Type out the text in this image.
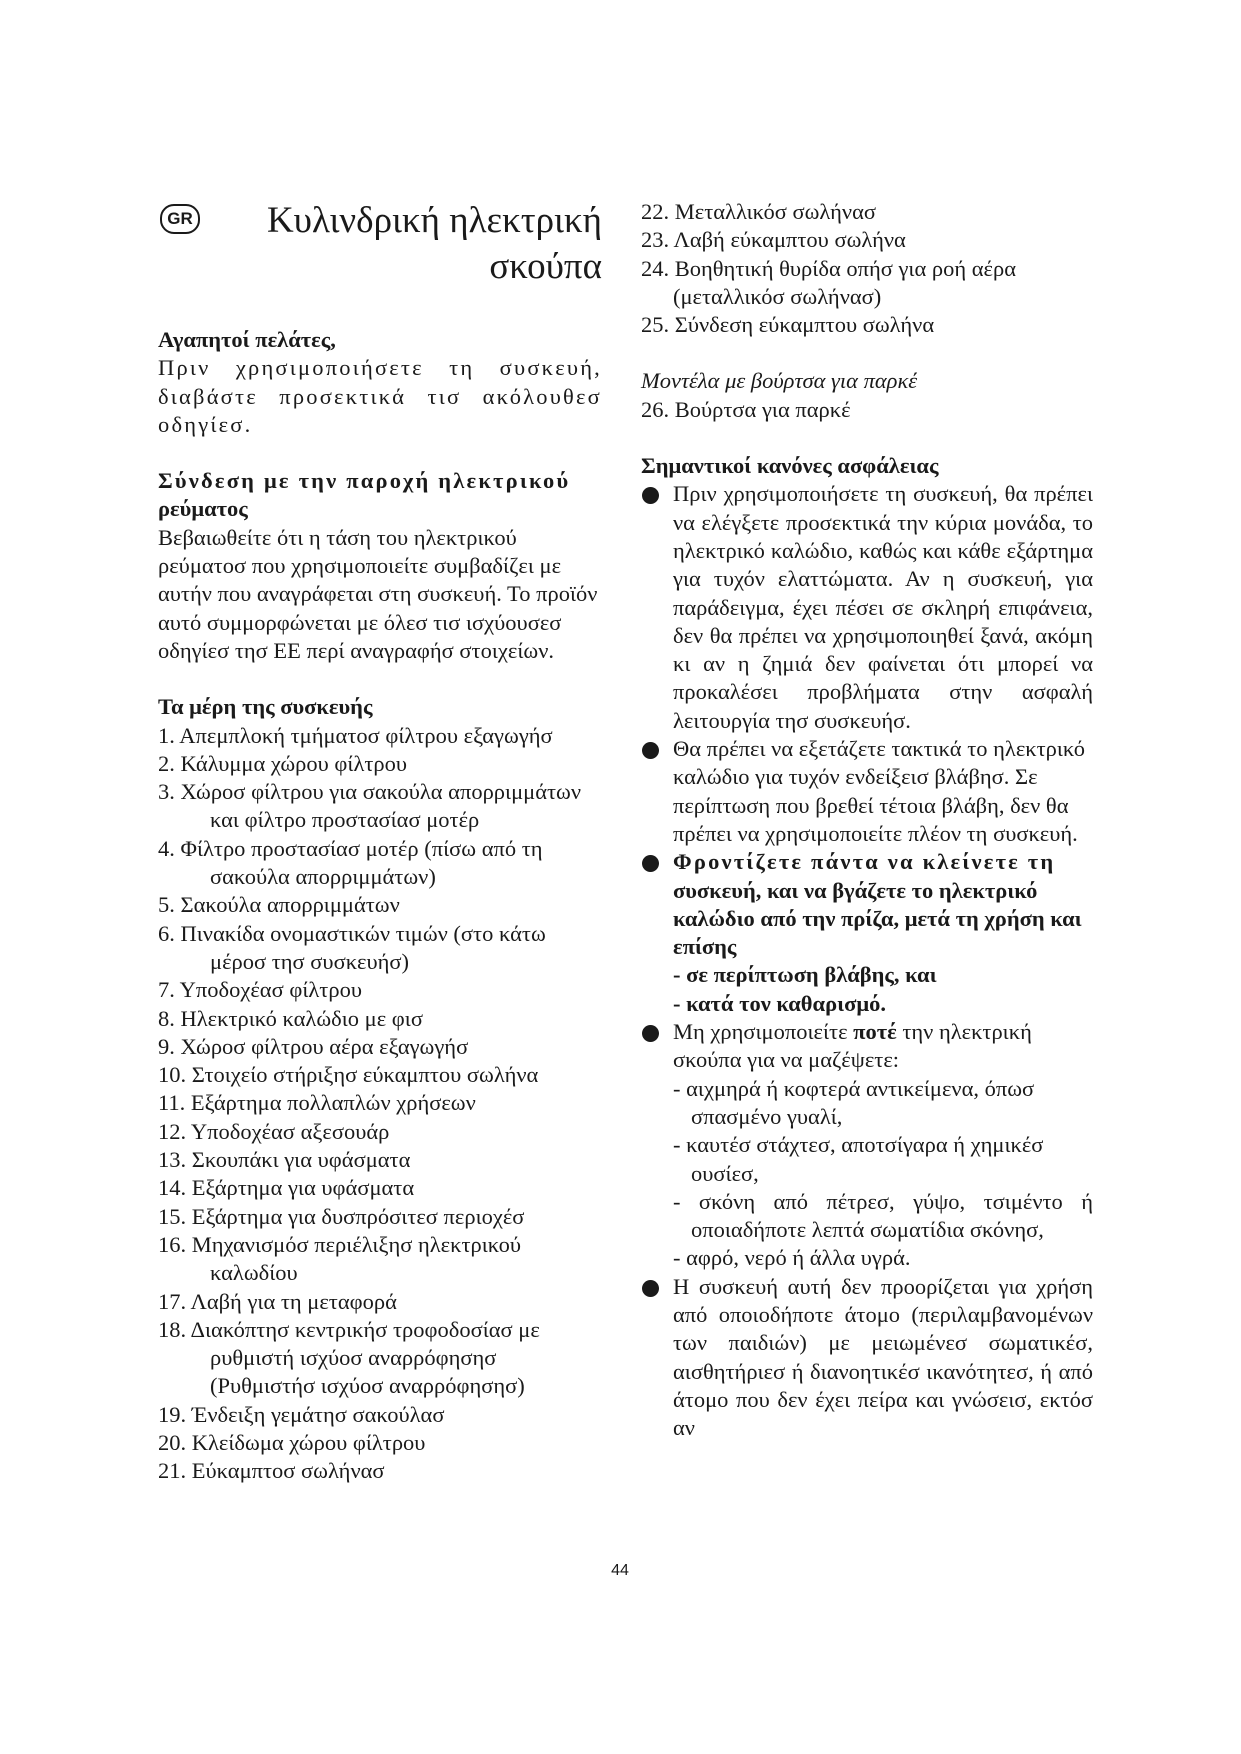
GR	Κυλινδρική ηλεκτρική
σκούπα

Αγαπητοί πελάτες,

Πριν χρησιμοποιήσετε τη συσκευή, διαβάστε προσεκτικά τισ ακόλουθεσ οδηγίεσ.

Σύνδεση με την παροχή ηλεκτρικού

ρεύματος

Βεβαιωθείτε ότι η τάση του ηλεκτρικού ρεύματοσ που χρησιμοποιείτε συμβαδίζει με αυτήν που αναγράφεται στη συσκευή. Το προϊόν αυτό συμμορφώνεται με όλεσ τισ ισχύουσεσ οδηγίεσ τησ ΕΕ περί αναγραφήσ στοιχείων.

Τα μέρη της συσκευής

1. Απεμπλοκή τμήματοσ φίλτρου εξαγωγήσ
2. Κάλυμμα χώρου φίλτρου
3. Χώροσ φίλτρου για σακούλα απορριμμάτων και φίλτρο προστασίασ μοτέρ
4. Φίλτρο προστασίασ μοτέρ (πίσω από τη σακούλα απορριμμάτων)
5. Σακούλα απορριμμάτων
6. Πινακίδα ονομαστικών τιμών (στο κάτω μέροσ τησ συσκευήσ)
7. Υποδοχέασ φίλτρου
8. Ηλεκτρικό καλώδιο με φισ
9. Χώροσ φίλτρου αέρα εξαγωγήσ
10. Στοιχείο στήριξησ εύκαμπτου σωλήνα
11. Εξάρτημα πολλαπλών χρήσεων
12. Υποδοχέασ αξεσουάρ
13. Σκουπάκι για υφάσματα
14. Εξάρτημα για υφάσματα
15. Εξάρτημα για δυσπρόσιτεσ περιοχέσ
16. Μηχανισμόσ περιέλιξησ ηλεκτρικού καλωδίου
17. Λαβή για τη μεταφορά
18. Διακόπτησ κεντρικήσ τροφοδοσίασ με ρυθμιστή ισχύοσ αναρρόφησησ (Ρυθμιστήσ ισχύοσ αναρρόφησησ)
19. Ένδειξη γεμάτησ σακούλασ
20. Κλείδωμα χώρου φίλτρου
21. Εύκαμπτοσ σωλήνασ
22. Μεταλλικόσ σωλήνασ
23. Λαβή εύκαμπτου σωλήνα
24. Βοηθητική θυρίδα οπήσ για ροή αέρα (μεταλλικόσ σωλήνασ)
25. Σύνδεση εύκαμπτου σωλήνα

Μοντέλα με βούρτσα για παρκέ

26. Βούρτσα για παρκέ

Σημαντικοί κανόνες ασφάλειας

Πριν χρησιμοποιήσετε τη συσκευή, θα πρέπει να ελέγξετε προσεκτικά την κύρια μονάδα, το ηλεκτρικό καλώδιο, καθώς και κάθε εξάρτημα για τυχόν ελαττώματα. Αν η συσκευή, για παράδειγμα, έχει πέσει σε σκληρή επιφάνεια, δεν θα πρέπει να χρησιμοποιηθεί ξανά, ακόμη κι αν η ζημιά δεν φαίνεται ότι μπορεί να προκαλέσει προβλήματα στην ασφαλή λειτουργία τησ συσκευήσ.
Θα πρέπει να εξετάζετε τακτικά το ηλεκτρικό καλώδιο για τυχόν ενδείξεισ βλάβησ. Σε περίπτωση που βρεθεί τέτοια βλάβη, δεν θα πρέπει να χρησιμοποιείτε πλέον τη συσκευή.
Φροντίζετε πάντα να κλείνετε τη
συσκευή, και να βγάζετε το ηλεκτρικό καλώδιο από την πρίζα, μετά τη χρήση και επίσης
- σε περίπτωση βλάβης, και
- κατά τον καθαρισμό.
Μη χρησιμοποιείτε ποτέ την ηλεκτρική σκούπα για να μαζέψετε:
- αιχμηρά ή κοφτερά αντικείμενα, όπωσ σπασμένο γυαλί,
- καυτέσ στάχτεσ, αποτσίγαρα ή χημικέσ ουσίεσ,
- σκόνη από πέτρεσ, γύψο, τσιμέντο ή οποιαδήποτε λεπτά σωματίδια σκόνησ,
- αφρό, νερό ή άλλα υγρά.
Η συσκευή αυτή δεν προορίζεται για χρήση από οποιοδήποτε άτομο (περιλαμβανομένων των παιδιών) με μειωμένεσ σωματικέσ, αισθητήριεσ ή διανοητικέσ ικανότητεσ, ή από άτομο που δεν έχει πείρα και γνώσεισ, εκτόσ αν
44
